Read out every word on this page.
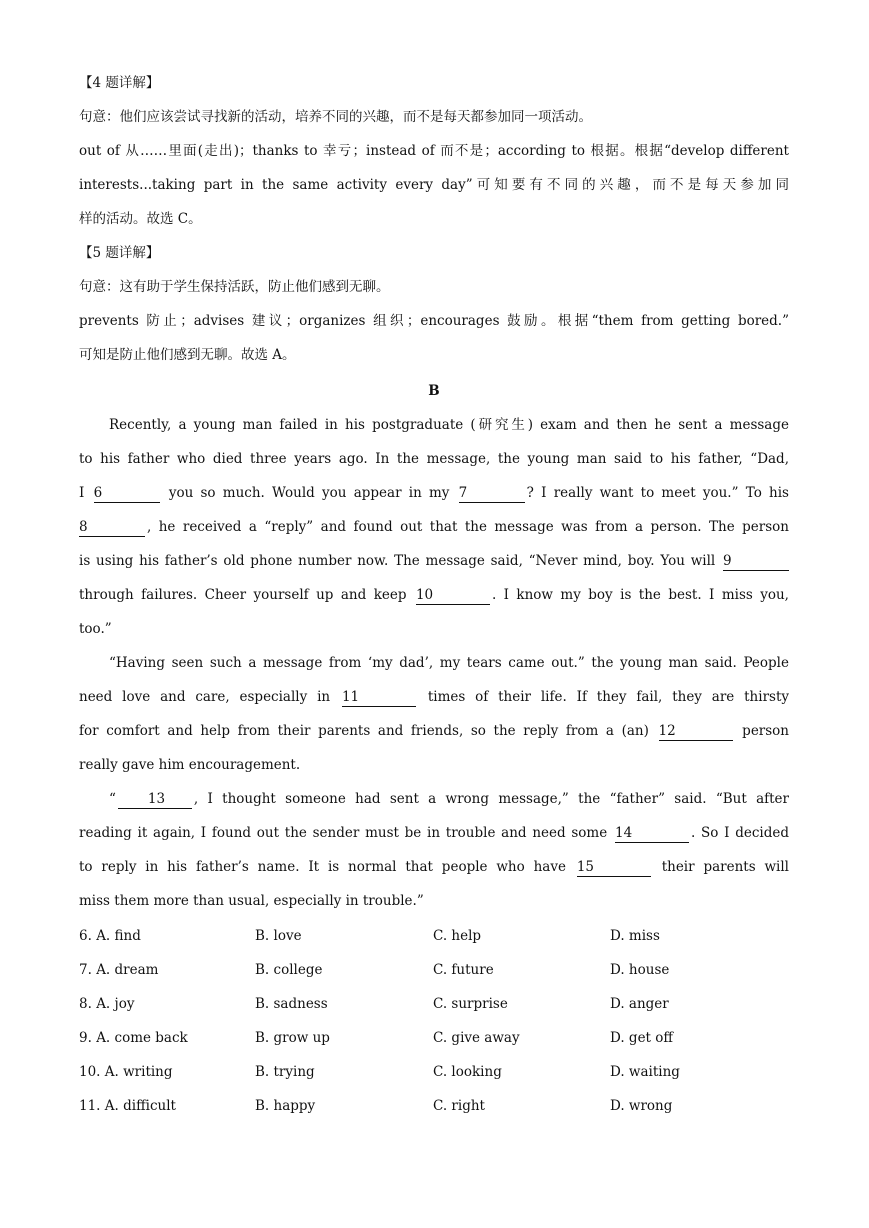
【4 题详解】
句意：他们应该尝试寻找新的活动，培养不同的兴趣，而不是每天都参加同一项活动。
out of 从……里面(走出)；thanks to 幸亏；instead of 而不是；according to 根据。根据“develop different
interests...taking part in the same activity every day”可知要有不同的兴趣，而不是每天参加同
样的活动。故选 C。
【5 题详解】
句意：这有助于学生保持活跃，防止他们感到无聊。
prevents 防止；advises 建议；organizes 组织；encourages 鼓励。根据“them from getting bored.”
可知是防止他们感到无聊。故选 A。
B
Recently, a young man failed in his postgraduate (研究生) exam and then he sent a message
to his father who died three years ago. In the message, the young man said to his father, “Dad,
I 6	you so much. Would you appear in my 7	? I really want to meet you.” To his
8	, he received a “reply” and found out that the message was from a person. The person
is using his father’s old phone number now. The message said, “Never mind, boy. You will 9
through failures. Cheer yourself up and keep 10	. I know my boy is the best. I miss you,
too.”
“Having seen such a message from ‘my dad’, my tears came out.” the young man said. People
need love and care, especially in 11	times of their life. If they fail, they are thirsty
for comfort and help from their parents and friends, so the reply from a (an) 12	person
really gave him encouragement.
“ 13 , I thought someone had sent a wrong message,” the “father” said. “But after
reading it again, I found out the sender must be in trouble and need some 14	. So I decided
to reply in his father’s name. It is normal that people who have 15	their parents will
miss them more than usual, especially in trouble.”
6. A. find	B. love	C. help	D. miss
7. A. dream	B. college	C. future	D. house
8. A. joy	B. sadness	C. surprise	D. anger
9. A. come back	B. grow up	C. give away	D. get off
10. A. writing	B. trying	C. looking	D. waiting
11. A. difficult	B. happy	C. right	D. wrong
